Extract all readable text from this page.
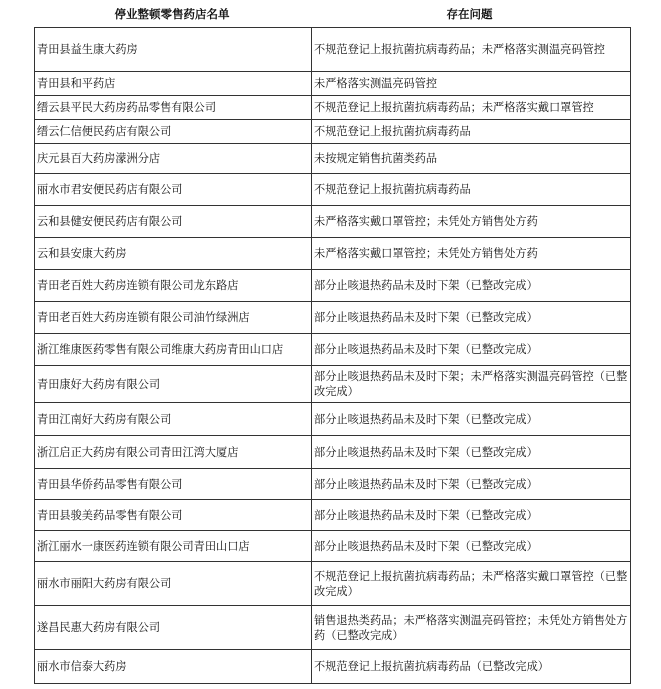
停业整顿零售药店名单	存在问题
青田县益生康大药房	不规范登记上报抗菌抗病毒药品；未严格落实测温亮码管控
青田县和平药店	未严格落实测温亮码管控
缙云县平民大药房药品零售有限公司	不规范登记上报抗菌抗病毒药品；未严格落实戴口罩管控
缙云仁信便民药店有限公司	不规范登记上报抗菌抗病毒药品
庆元县百大药房濛洲分店	未按规定销售抗菌类药品
丽水市君安便民药店有限公司	不规范登记上报抗菌抗病毒药品
云和县健安便民药店有限公司	未严格落实戴口罩管控；未凭处方销售处方药
云和县安康大药房	未严格落实戴口罩管控；未凭处方销售处方药
青田老百姓大药房连锁有限公司龙东路店	部分止咳退热药品未及时下架（已整改完成）
青田老百姓大药房连锁有限公司油竹绿洲店	部分止咳退热药品未及时下架（已整改完成）
浙江维康医药零售有限公司维康大药房青田山口店	部分止咳退热药品未及时下架（已整改完成）
青田康好大药房有限公司	部分止咳退热药品未及时下架；未严格落实测温亮码管控（已整改完成）
青田江南好大药房有限公司	部分止咳退热药品未及时下架（已整改完成）
浙江启正大药房有限公司青田江湾大厦店	部分止咳退热药品未及时下架（已整改完成）
青田县华侨药品零售有限公司	部分止咳退热药品未及时下架（已整改完成）
青田县骏美药品零售有限公司	部分止咳退热药品未及时下架（已整改完成）
浙江丽水一康医药连锁有限公司青田山口店	部分止咳退热药品未及时下架（已整改完成）
丽水市丽阳大药房有限公司	不规范登记上报抗菌抗病毒药品；未严格落实戴口罩管控（已整改完成）
遂昌民惠大药房有限公司	销售退热类药品；未严格落实测温亮码管控；未凭处方销售处方药（已整改完成）
丽水市信泰大药房	不规范登记上报抗菌抗病毒药品（已整改完成）
